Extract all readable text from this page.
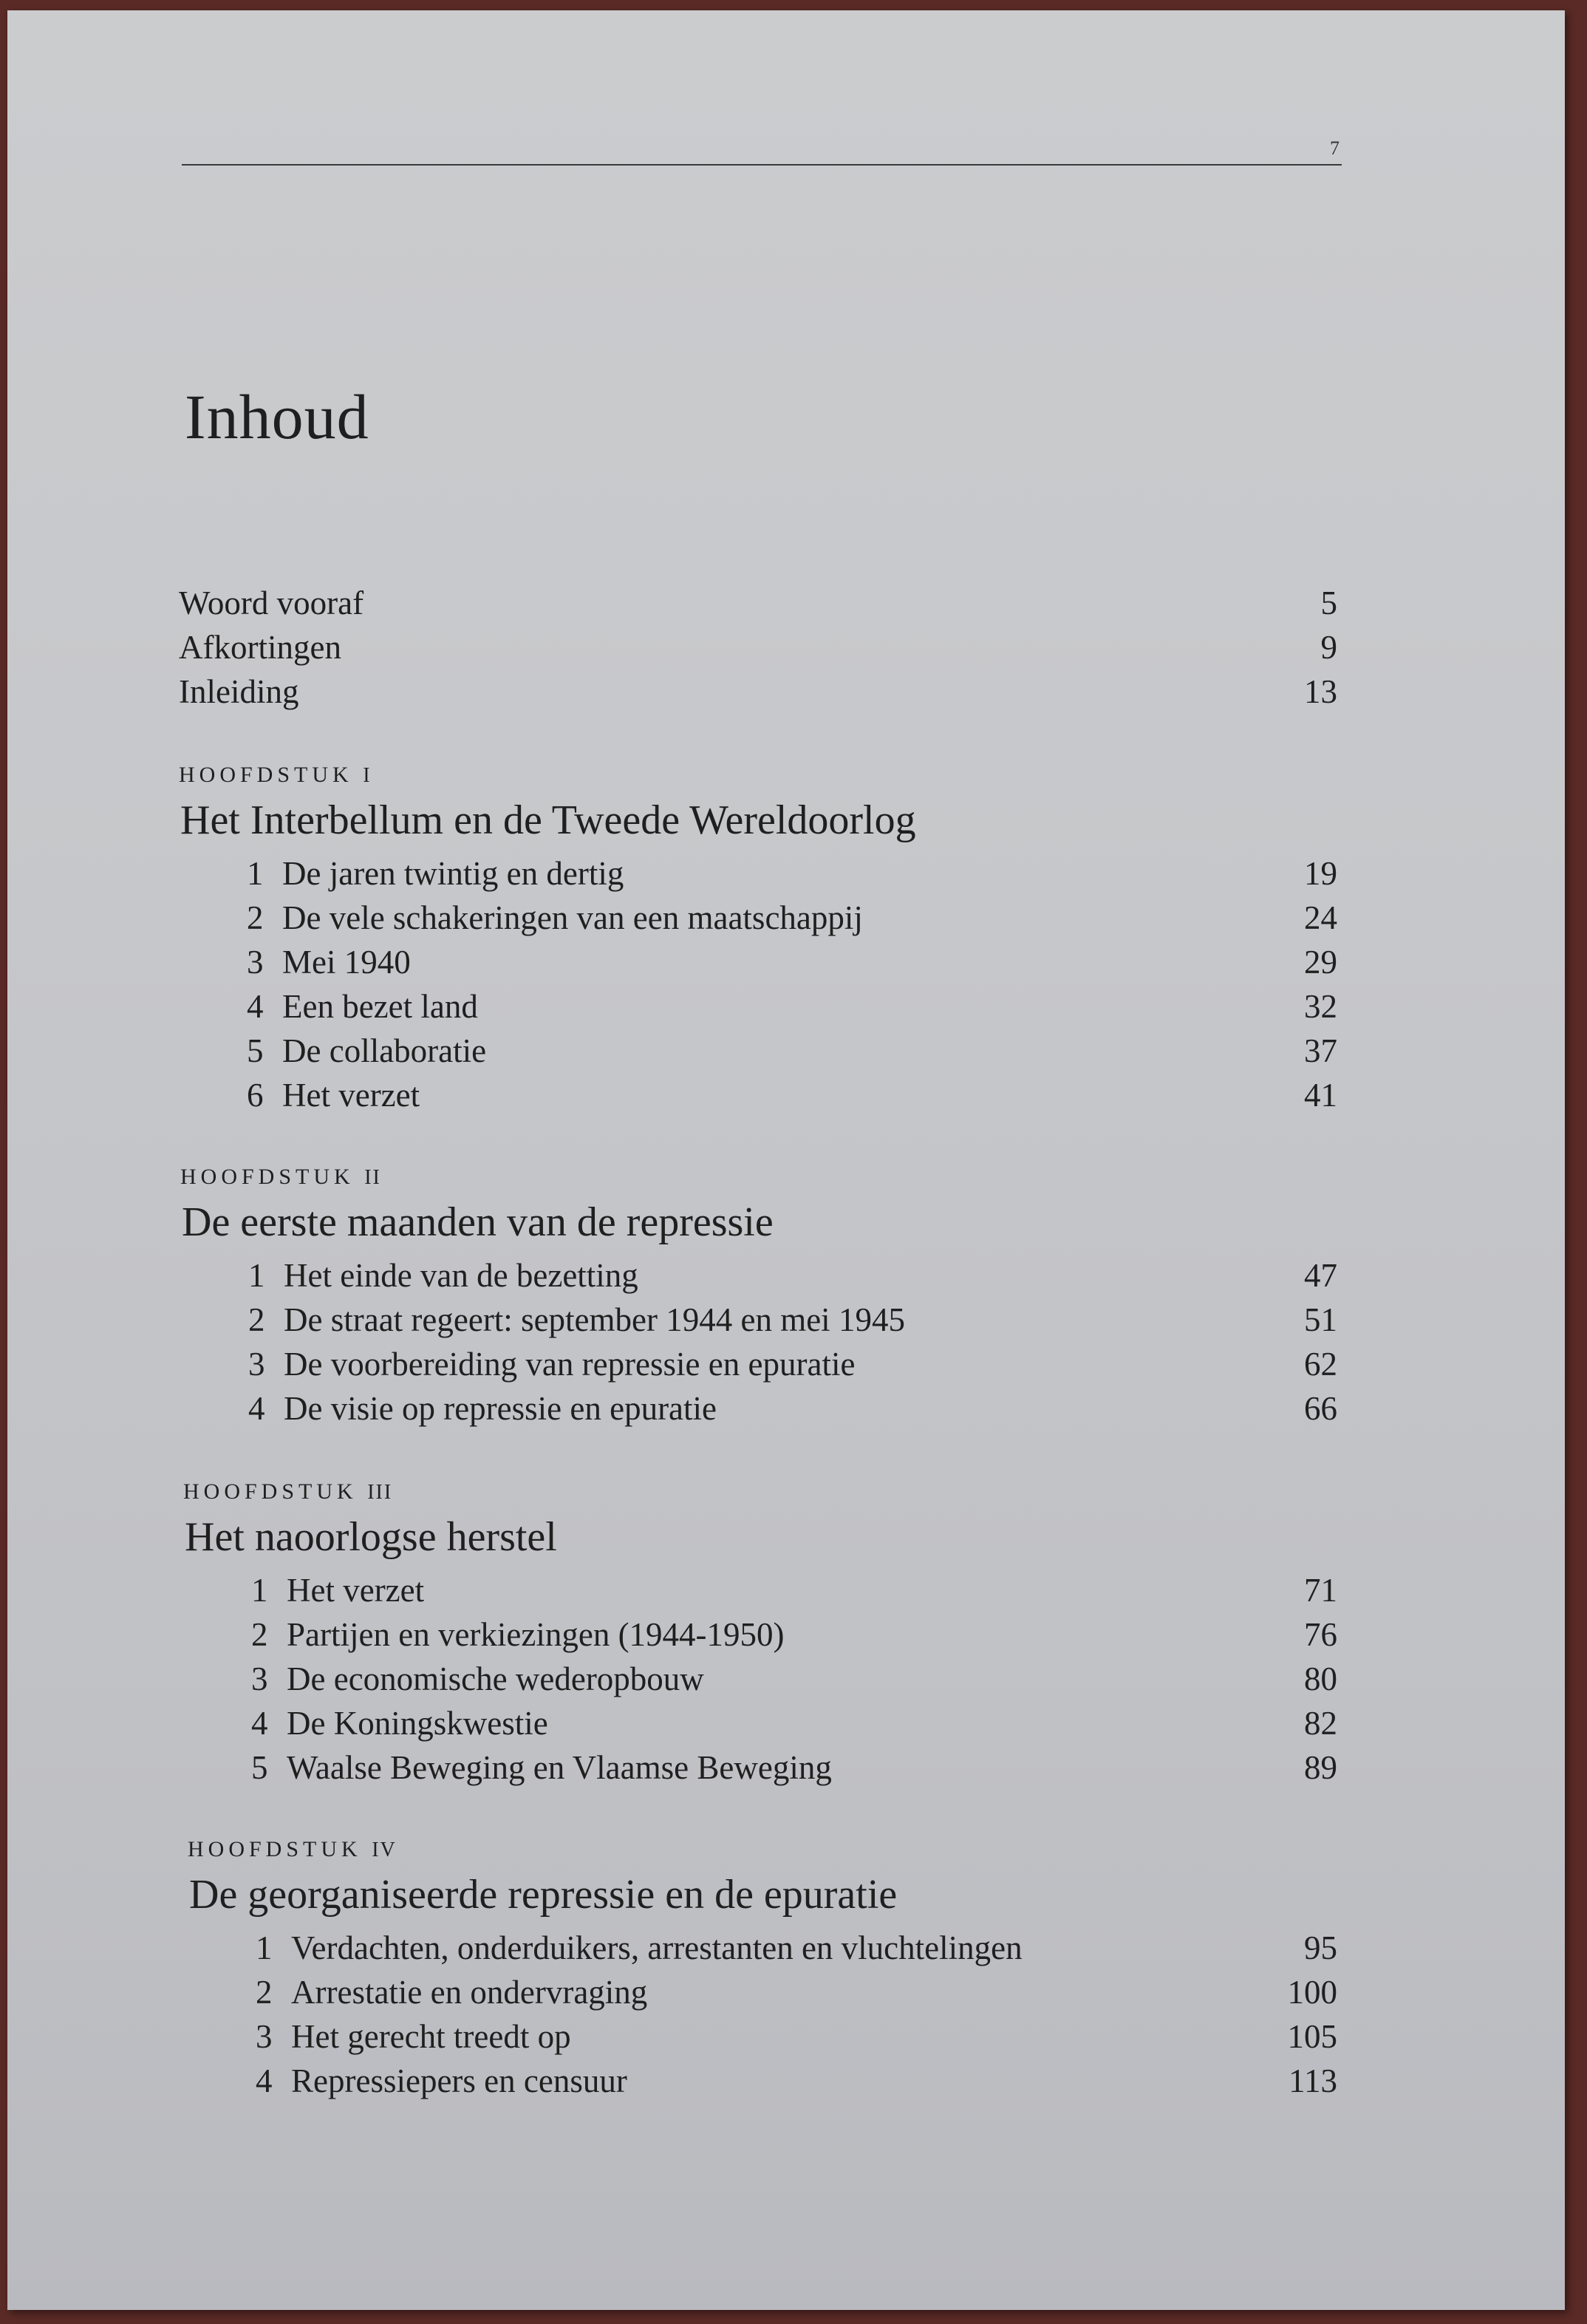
7
Inhoud
Woord vooraf	5
Afkortingen	9
Inleiding	13
HOOFDSTUK I
Het Interbellum en de Tweede Wereldoorlog
1 De jaren twintig en dertig	19
2 De vele schakeringen van een maatschappij	24
3 Mei 1940	29
4 Een bezet land	32
5 De collaboratie	37
6 Het verzet	41
HOOFDSTUK II
De eerste maanden van de repressie
1 Het einde van de bezetting	47
2 De straat regeert: september 1944 en mei 1945	51
3 De voorbereiding van repressie en epuratie	62
4 De visie op repressie en epuratie	66
HOOFDSTUK III
Het naoorlogse herstel
1 Het verzet	71
2 Partijen en verkiezingen (1944-1950)	76
3 De economische wederopbouw	80
4 De Koningskwestie	82
5 Waalse Beweging en Vlaamse Beweging	89
HOOFDSTUK IV
De georganiseerde repressie en de epuratie
1 Verdachten, onderduikers, arrestanten en vluchtelingen	95
2 Arrestatie en ondervraging	100
3 Het gerecht treedt op	105
4 Repressiepers en censuur	113
